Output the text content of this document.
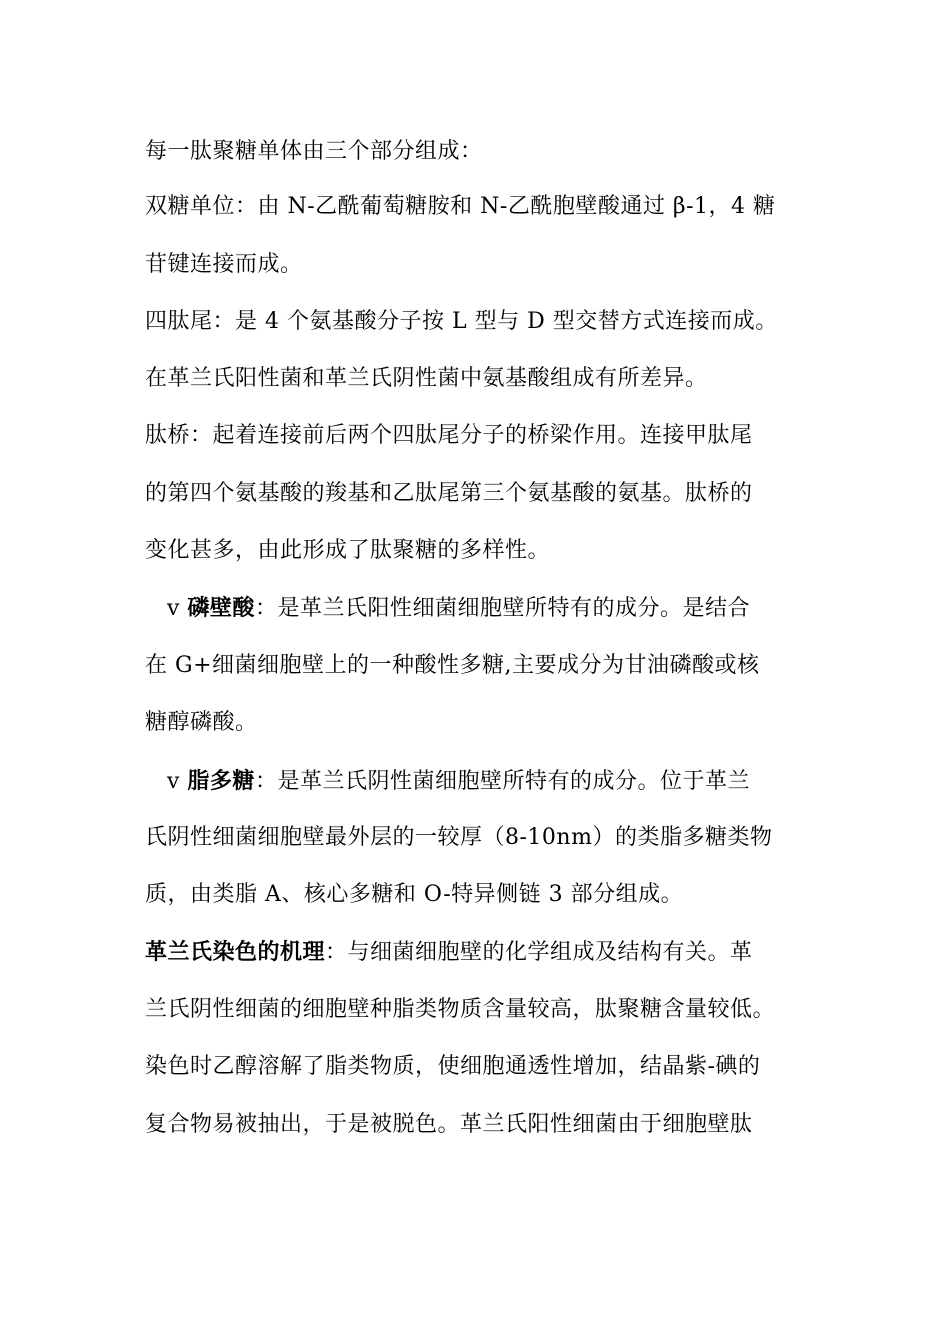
每一肽聚糖单体由三个部分组成：
双糖单位：由 N-乙酰葡萄糖胺和 N-乙酰胞壁酸通过 β-1，4 糖
苷键连接而成。
四肽尾：是 4 个氨基酸分子按 L 型与 D 型交替方式连接而成。
在革兰氏阳性菌和革兰氏阴性菌中氨基酸组成有所差异。
肽桥：起着连接前后两个四肽尾分子的桥梁作用。连接甲肽尾
的第四个氨基酸的羧基和乙肽尾第三个氨基酸的氨基。肽桥的
变化甚多，由此形成了肽聚糖的多样性。
v 磷壁酸：是革兰氏阳性细菌细胞壁所特有的成分。是结合
在 G+细菌细胞壁上的一种酸性多糖,主要成分为甘油磷酸或核
糖醇磷酸。
v 脂多糖：是革兰氏阴性菌细胞壁所特有的成分。位于革兰
氏阴性细菌细胞壁最外层的一较厚（8-10nm）的类脂多糖类物
质，由类脂 A、核心多糖和 O-特异侧链 3 部分组成。
革兰氏染色的机理：与细菌细胞壁的化学组成及结构有关。革
兰氏阴性细菌的细胞壁种脂类物质含量较高，肽聚糖含量较低。
染色时乙醇溶解了脂类物质，使细胞通透性增加，结晶紫-碘的
复合物易被抽出，于是被脱色。革兰氏阳性细菌由于细胞壁肽
